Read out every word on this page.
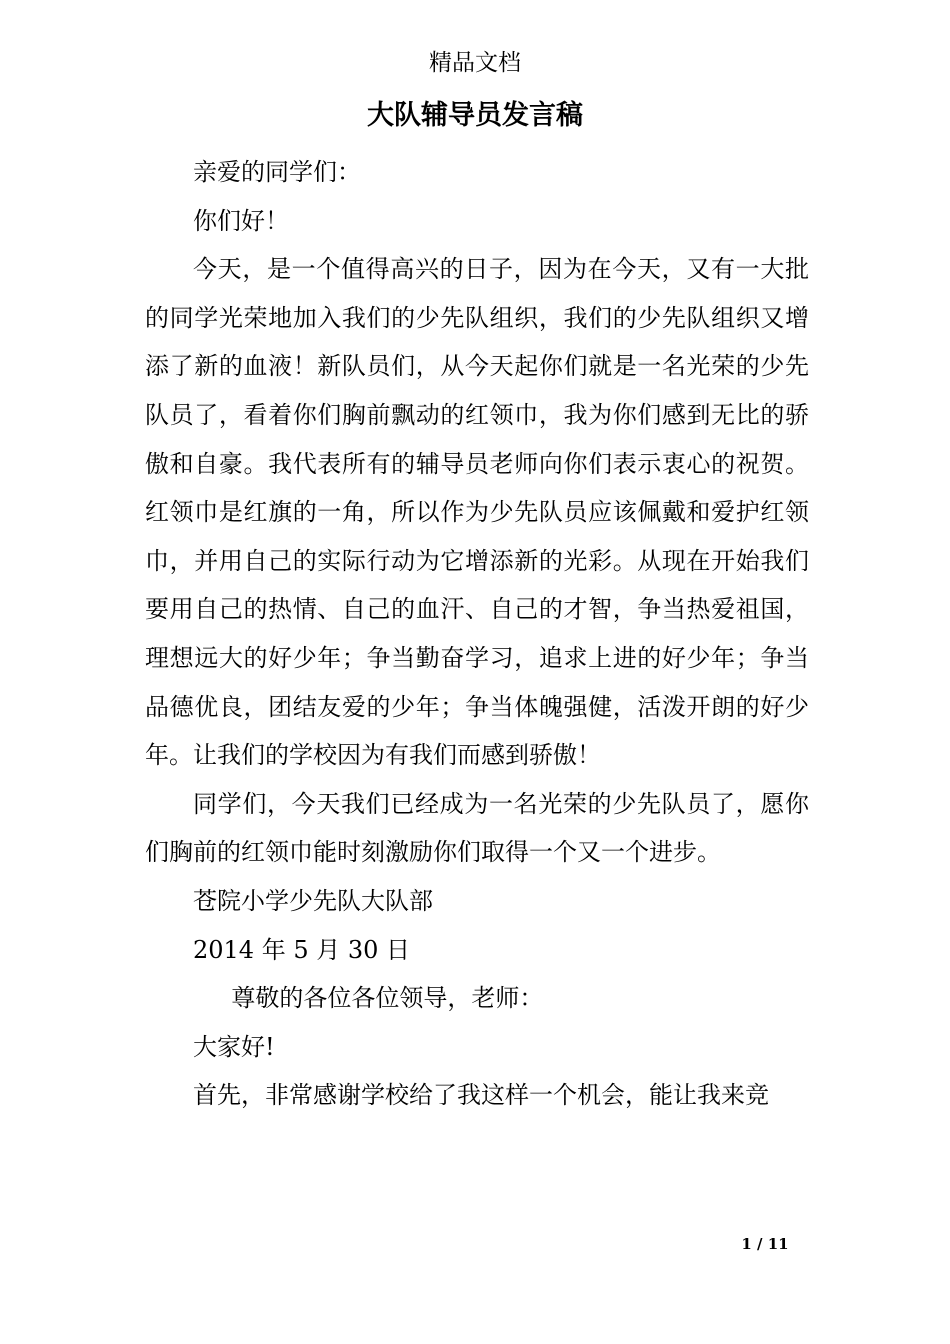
精品文档
大队辅导员发言稿

亲爱的同学们：

你们好！

今天，是一个值得高兴的日子，因为在今天，又有一大批的同学光荣地加入我们的少先队组织，我们的少先队组织又增添了新的血液！新队员们，从今天起你们就是一名光荣的少先队员了，看着你们胸前飘动的红领巾，我为你们感到无比的骄傲和自豪。我代表所有的辅导员老师向你们表示衷心的祝贺。红领巾是红旗的一角，所以作为少先队员应该佩戴和爱护红领巾，并用自己的实际行动为它增添新的光彩。从现在开始我们要用自己的热情、自己的血汗、自己的才智，争当热爱祖国，理想远大的好少年；争当勤奋学习，追求上进的好少年；争当品德优良，团结友爱的少年；争当体魄强健，活泼开朗的好少年。让我们的学校因为有我们而感到骄傲！

同学们，今天我们已经成为一名光荣的少先队员了，愿你们胸前的红领巾能时刻激励你们取得一个又一个进步。

苍院小学少先队大队部

2014 年 5 月 30 日

尊敬的各位各位领导，老师：

大家好!

首先，非常感谢学校给了我这样一个机会，能让我来竞

1 / 11
